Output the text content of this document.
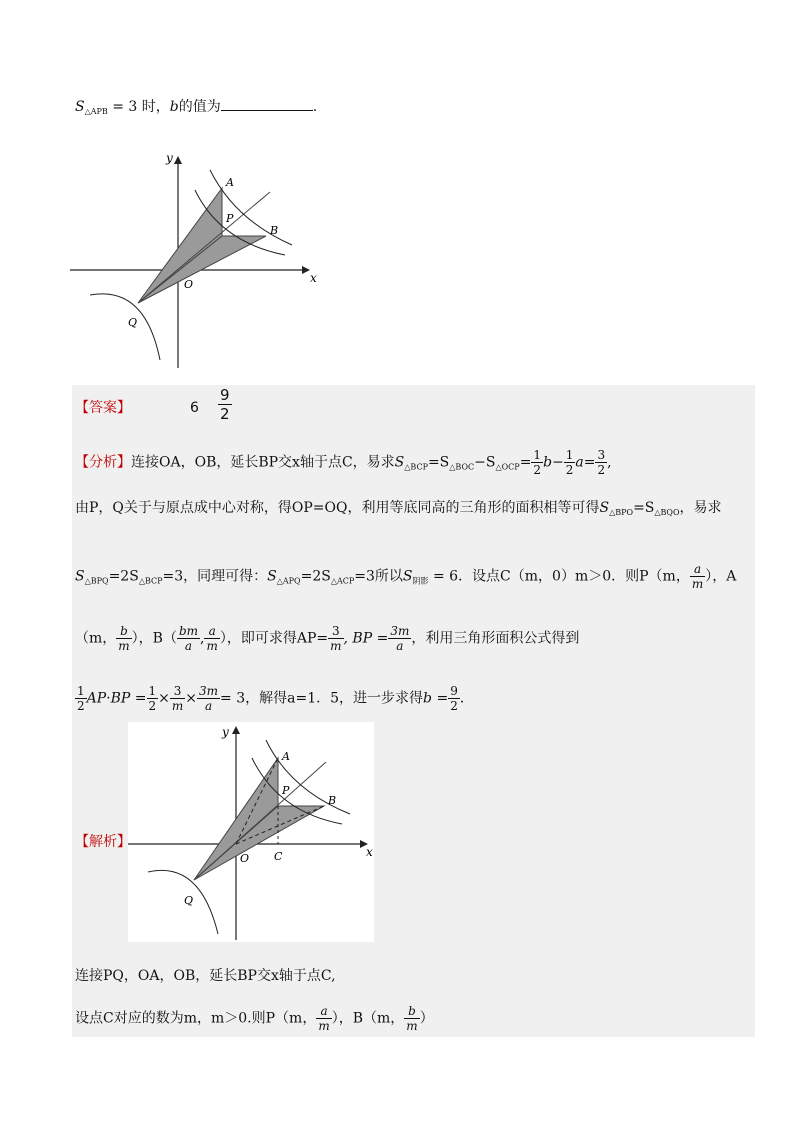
$S_{\triangle APB} = 3$ 时，b的值为	.
y
x
A
P
B
O
Q
【答案】	$6 \frac{9}{2}$
【分析】连接OA，OB，延长BP交x轴于点C，易求$S_{\triangle BCP}=S_{\triangle BOC}-S_{\triangle OCP}= \frac{1}{2} b- \frac{1}{2} a= \frac{3}{2}$ ,
由P，Q关于与原点成中心对称，得OP=OQ，利用等底同高的三角形的面积相等可得$S_{\triangle BPO}=S_{\triangle BQO}$，易求
$S_{\triangle BPQ}=2S_{\triangle BCP}=3$，同理可得：$S_{\triangle APQ}=2S_{\triangle ACP}=3$所以$S_{阴影} = 6$．设点C（m，0）m＞0．则P（m， $\frac{a}{m}$ ），A
（m， $\frac{b}{m}$ ），$B( \frac{bm}{a}$ , $\frac{a}{m}$ ），即可求得$AP= \frac{3}{m}$ , BP = $\frac{3m}{a}$ ，利用三角形面积公式得到
$\frac{1}{2} AP\cdot BP = \frac{1}{2} \times \frac{3}{m} \times \frac{3m}{a} = 3$，解得a=1．5，进一步求得$b = \frac{9}{2}$ ．
y
x
A
P
B
O C
Q
【解析】
连接PQ，OA，OB，延长BP交x轴于点C,
设点C对应的数为m，m＞0.则P（m， $\frac{a}{m}$ ），B（m， $\frac{b}{m}$ ）
